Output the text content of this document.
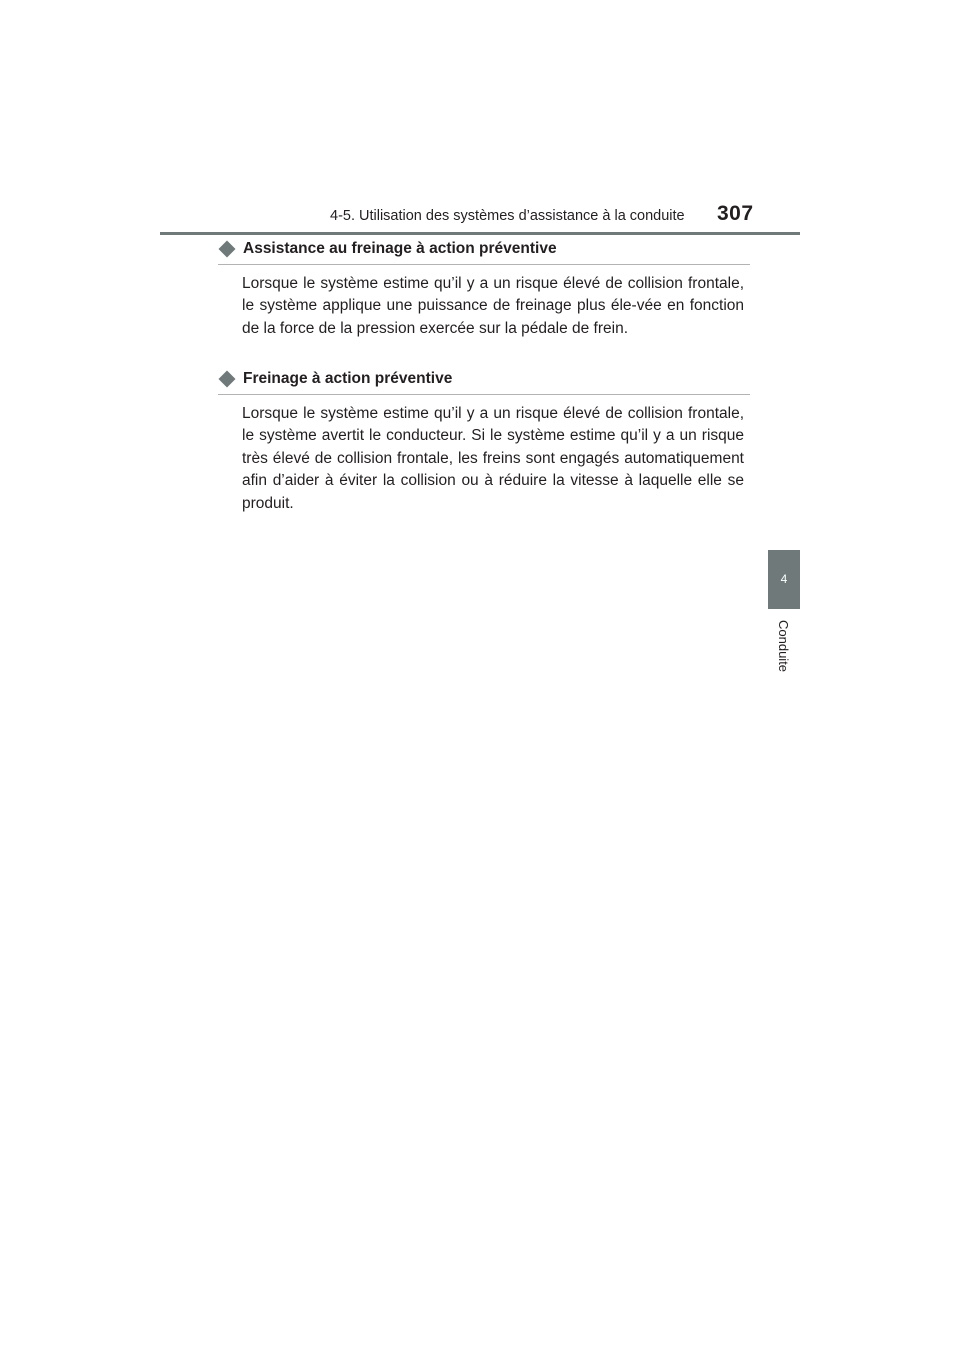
4-5. Utilisation des systèmes d’assistance à la conduite 307
4
Conduite
Assistance au freinage à action préventive

Lorsque le système estime qu’il y a un risque élevé de collision frontale, le système applique une puissance de freinage plus éle-vée en fonction de la force de la pression exercée sur la pédale de frein.

Freinage à action préventive

Lorsque le système estime qu’il y a un risque élevé de collision frontale, le système avertit le conducteur. Si le système estime qu’il y a un risque très élevé de collision frontale, les freins sont engagés automatiquement afin d’aider à éviter la collision ou à réduire la vitesse à laquelle elle se produit.
